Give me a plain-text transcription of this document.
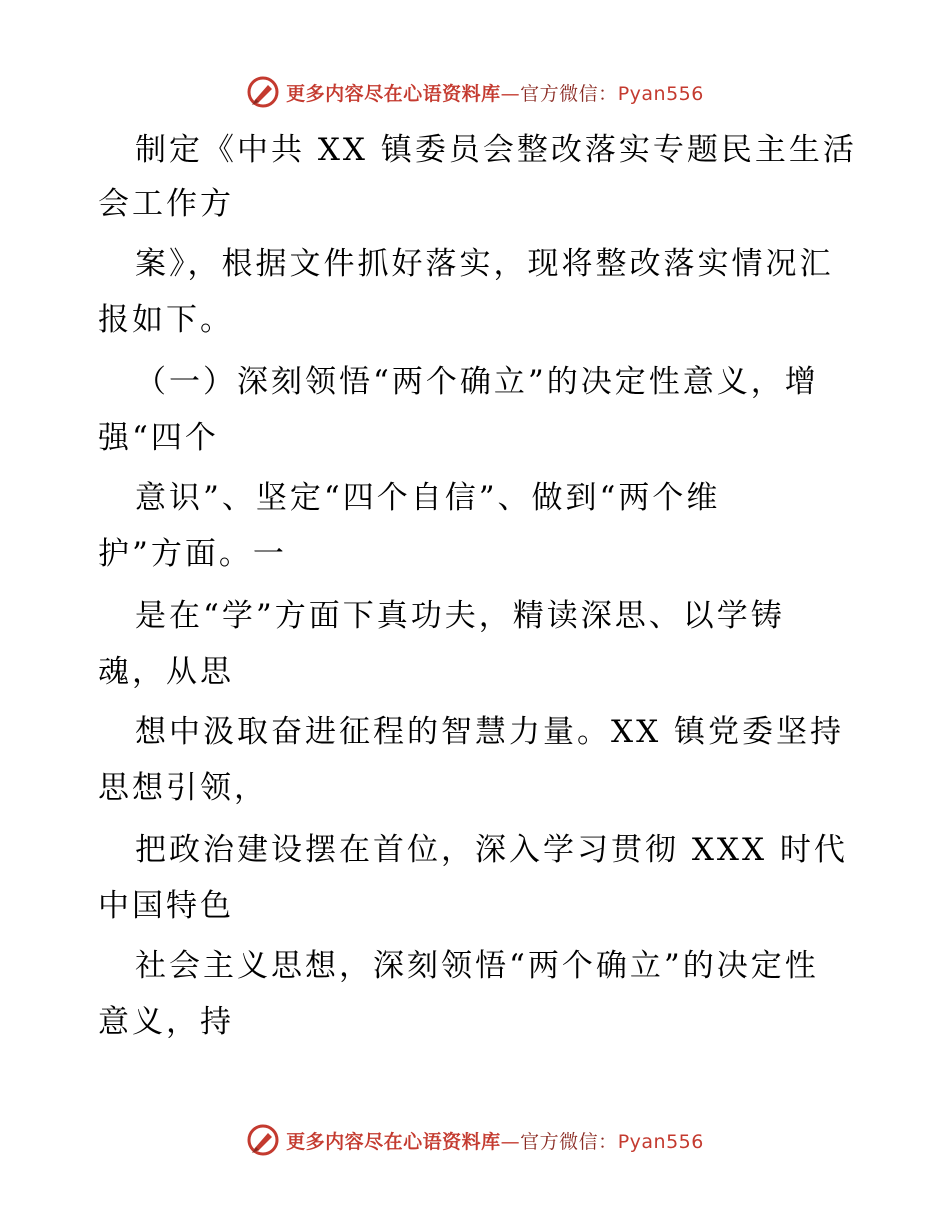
更多内容尽在心语资料库—官方微信：Pyan556
制定《中共 XX 镇委员会整改落实专题民主生活
会工作方
案》，根据文件抓好落实，现将整改落实情况汇
报如下。
（一）深刻领悟“两个确立”的决定性意义，增
强“四个
意识”、坚定“四个自信”、做到“两个维
护”方面。一
是在“学”方面下真功夫，精读深思、以学铸
魂，从思
想中汲取奋进征程的智慧力量。XX 镇党委坚持
思想引领，
把政治建设摆在首位，深入学习贯彻 XXX 时代
中国特色
社会主义思想，深刻领悟“两个确立”的决定性
意义，持
更多内容尽在心语资料库—官方微信：Pyan556
